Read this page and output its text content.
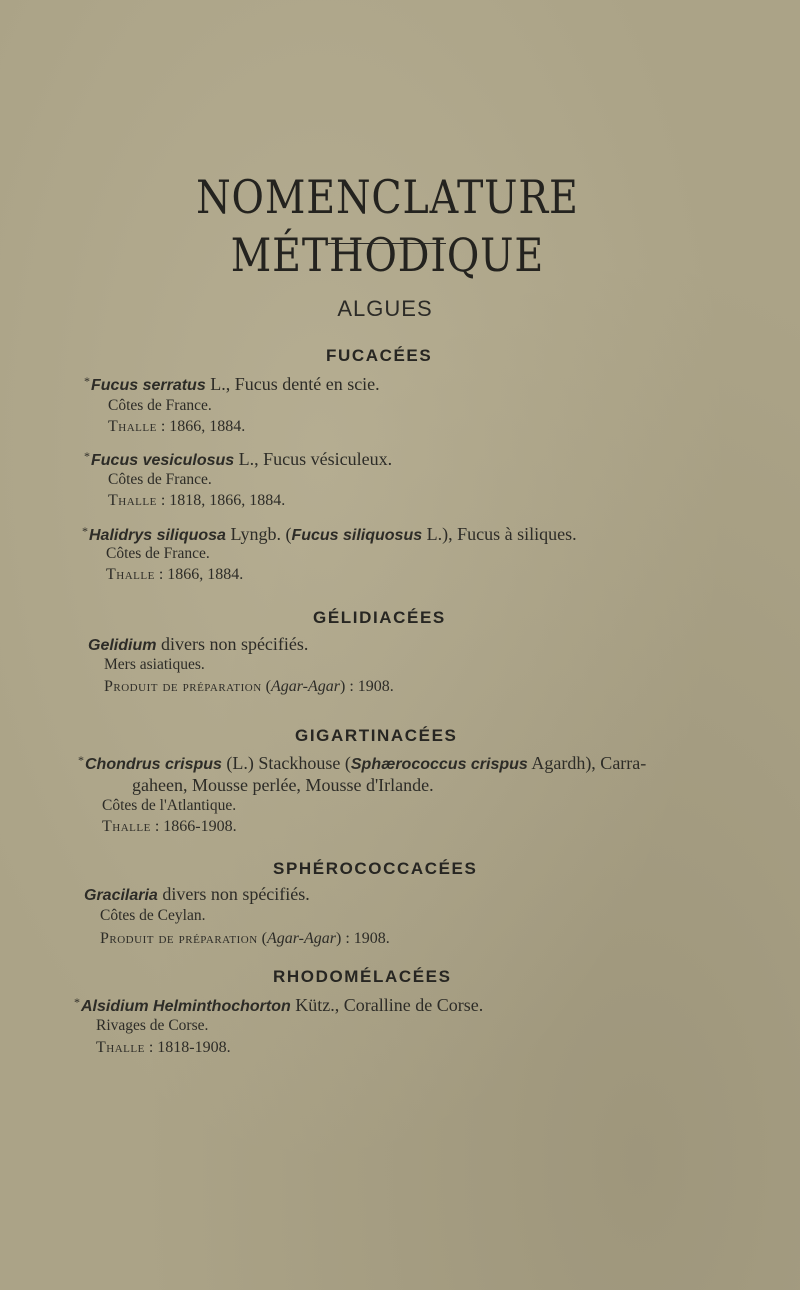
NOMENCLATURE MÉTHODIQUE
ALGUES
FUCACÉES
*Fucus serratus L., Fucus denté en scie.
Côtes de France.
Thalle : 1866, 1884.
*Fucus vesiculosus L., Fucus vésiculeux.
Côtes de France.
Thalle : 1818, 1866, 1884.
*Halidrys siliquosa Lyngb. (Fucus siliquosus L.), Fucus à siliques.
Côtes de France.
Thalle : 1866, 1884.
GÉLIDIACÉES
Gelidium divers non spécifiés.
Mers asiatiques.
Produit de préparation (Agar-Agar) : 1908.
GIGARTINACÉES
*Chondrus crispus (L.) Stackhouse (Sphærococcus crispus Agardh), Carra-
gaheen, Mousse perlée, Mousse d'Irlande.
Côtes de l'Atlantique.
Thalle : 1866-1908.
SPHÉROCOCCACÉES
Gracilaria divers non spécifiés.
Côtes de Ceylan.
Produit de préparation (Agar-Agar) : 1908.
RHODOMÉLACÉES
*Alsidium Helminthochorton Kütz., Coralline de Corse.
Rivages de Corse.
Thalle : 1818-1908.
